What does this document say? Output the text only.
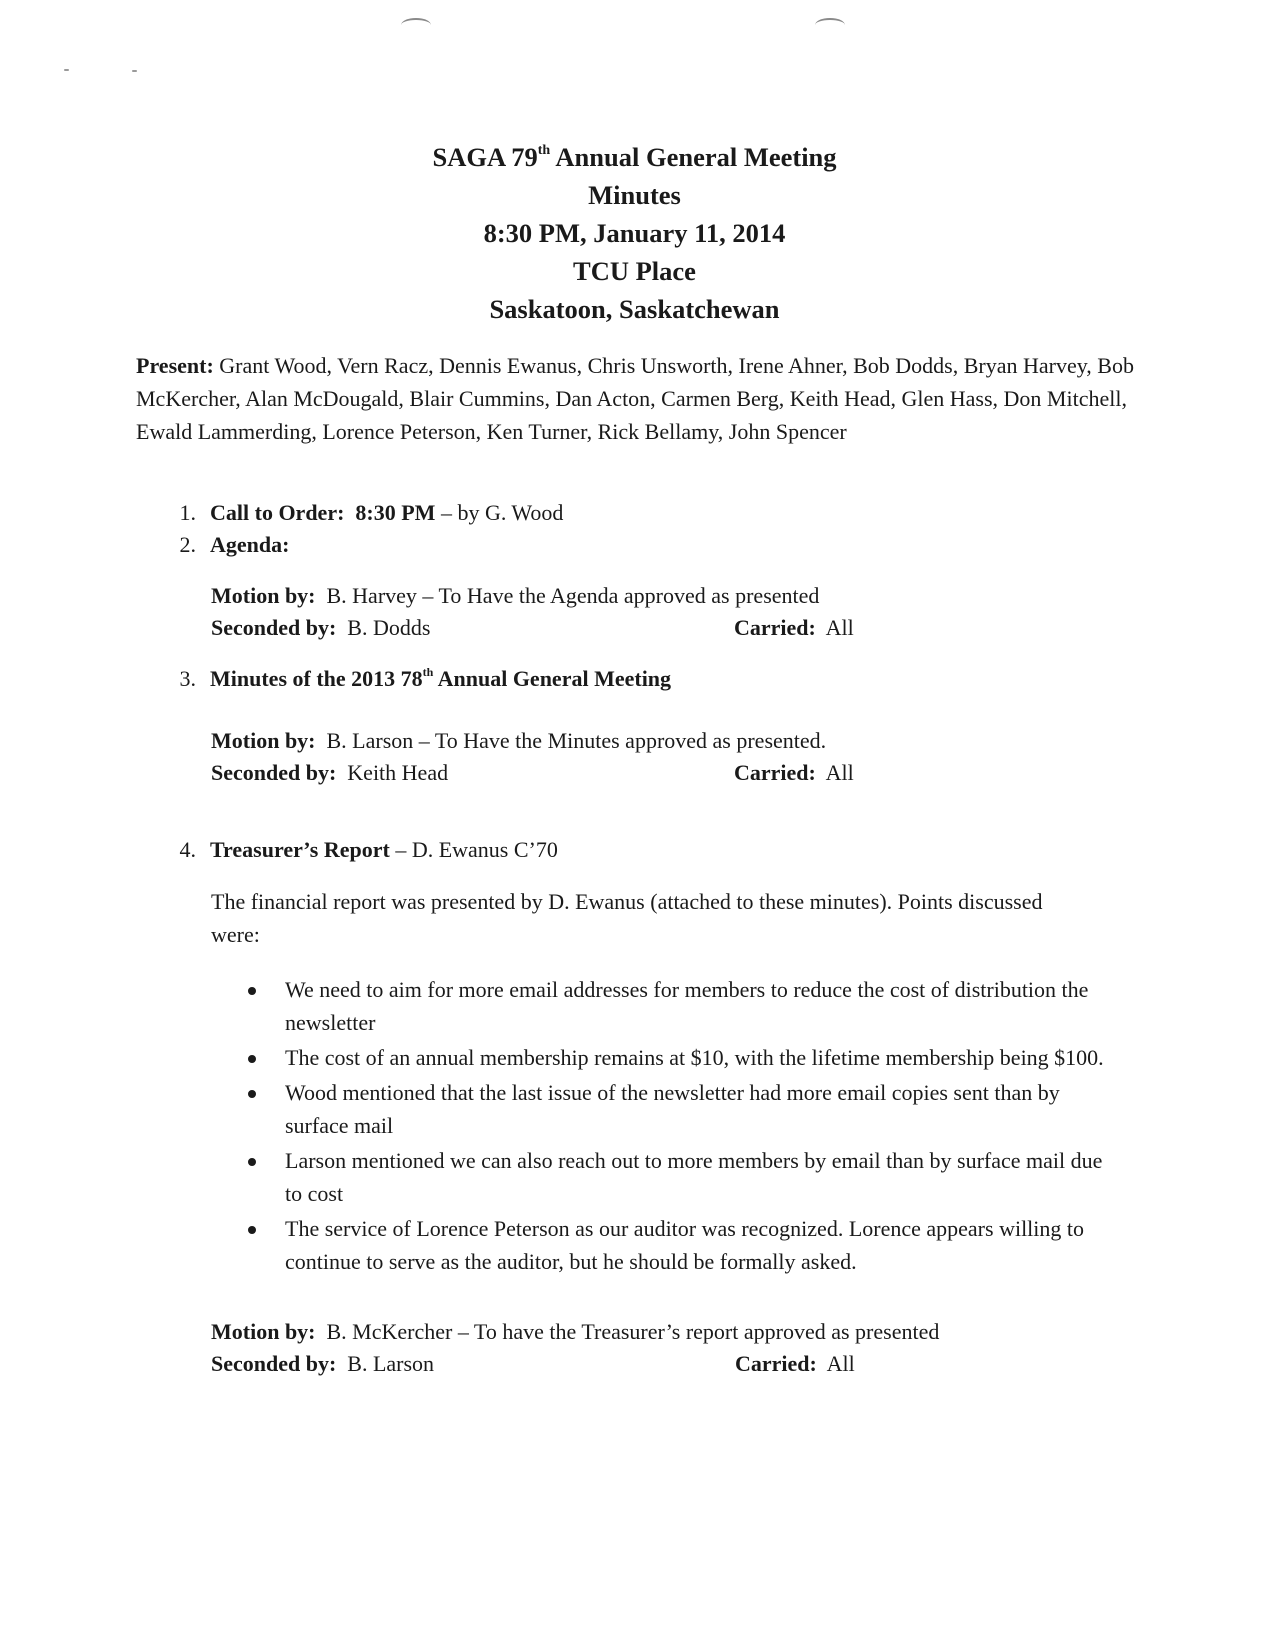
SAGA 79th Annual General Meeting
Minutes
8:30 PM, January 11, 2014
TCU Place
Saskatoon, Saskatchewan
Present: Grant Wood, Vern Racz, Dennis Ewanus, Chris Unsworth, Irene Ahner, Bob Dodds, Bryan Harvey, Bob McKercher, Alan McDougald, Blair Cummins, Dan Acton, Carmen Berg, Keith Head, Glen Hass, Don Mitchell, Ewald Lammerding, Lorence Peterson, Ken Turner, Rick Bellamy, John Spencer
1. Call to Order: 8:30 PM – by G. Wood
2. Agenda:
Motion by: B. Harvey – To Have the Agenda approved as presented
Seconded by: B. Dodds	Carried: All
3. Minutes of the 2013 78th Annual General Meeting
Motion by: B. Larson – To Have the Minutes approved as presented.
Seconded by: Keith Head	Carried: All
4. Treasurer’s Report – D. Ewanus C’70
The financial report was presented by D. Ewanus (attached to these minutes). Points discussed were:
We need to aim for more email addresses for members to reduce the cost of distribution the newsletter
The cost of an annual membership remains at $10, with the lifetime membership being $100.
Wood mentioned that the last issue of the newsletter had more email copies sent than by surface mail
Larson mentioned we can also reach out to more members by email than by surface mail due to cost
The service of Lorence Peterson as our auditor was recognized. Lorence appears willing to continue to serve as the auditor, but he should be formally asked.
Motion by: B. McKercher – To have the Treasurer’s report approved as presented
Seconded by: B. Larson	Carried: All
